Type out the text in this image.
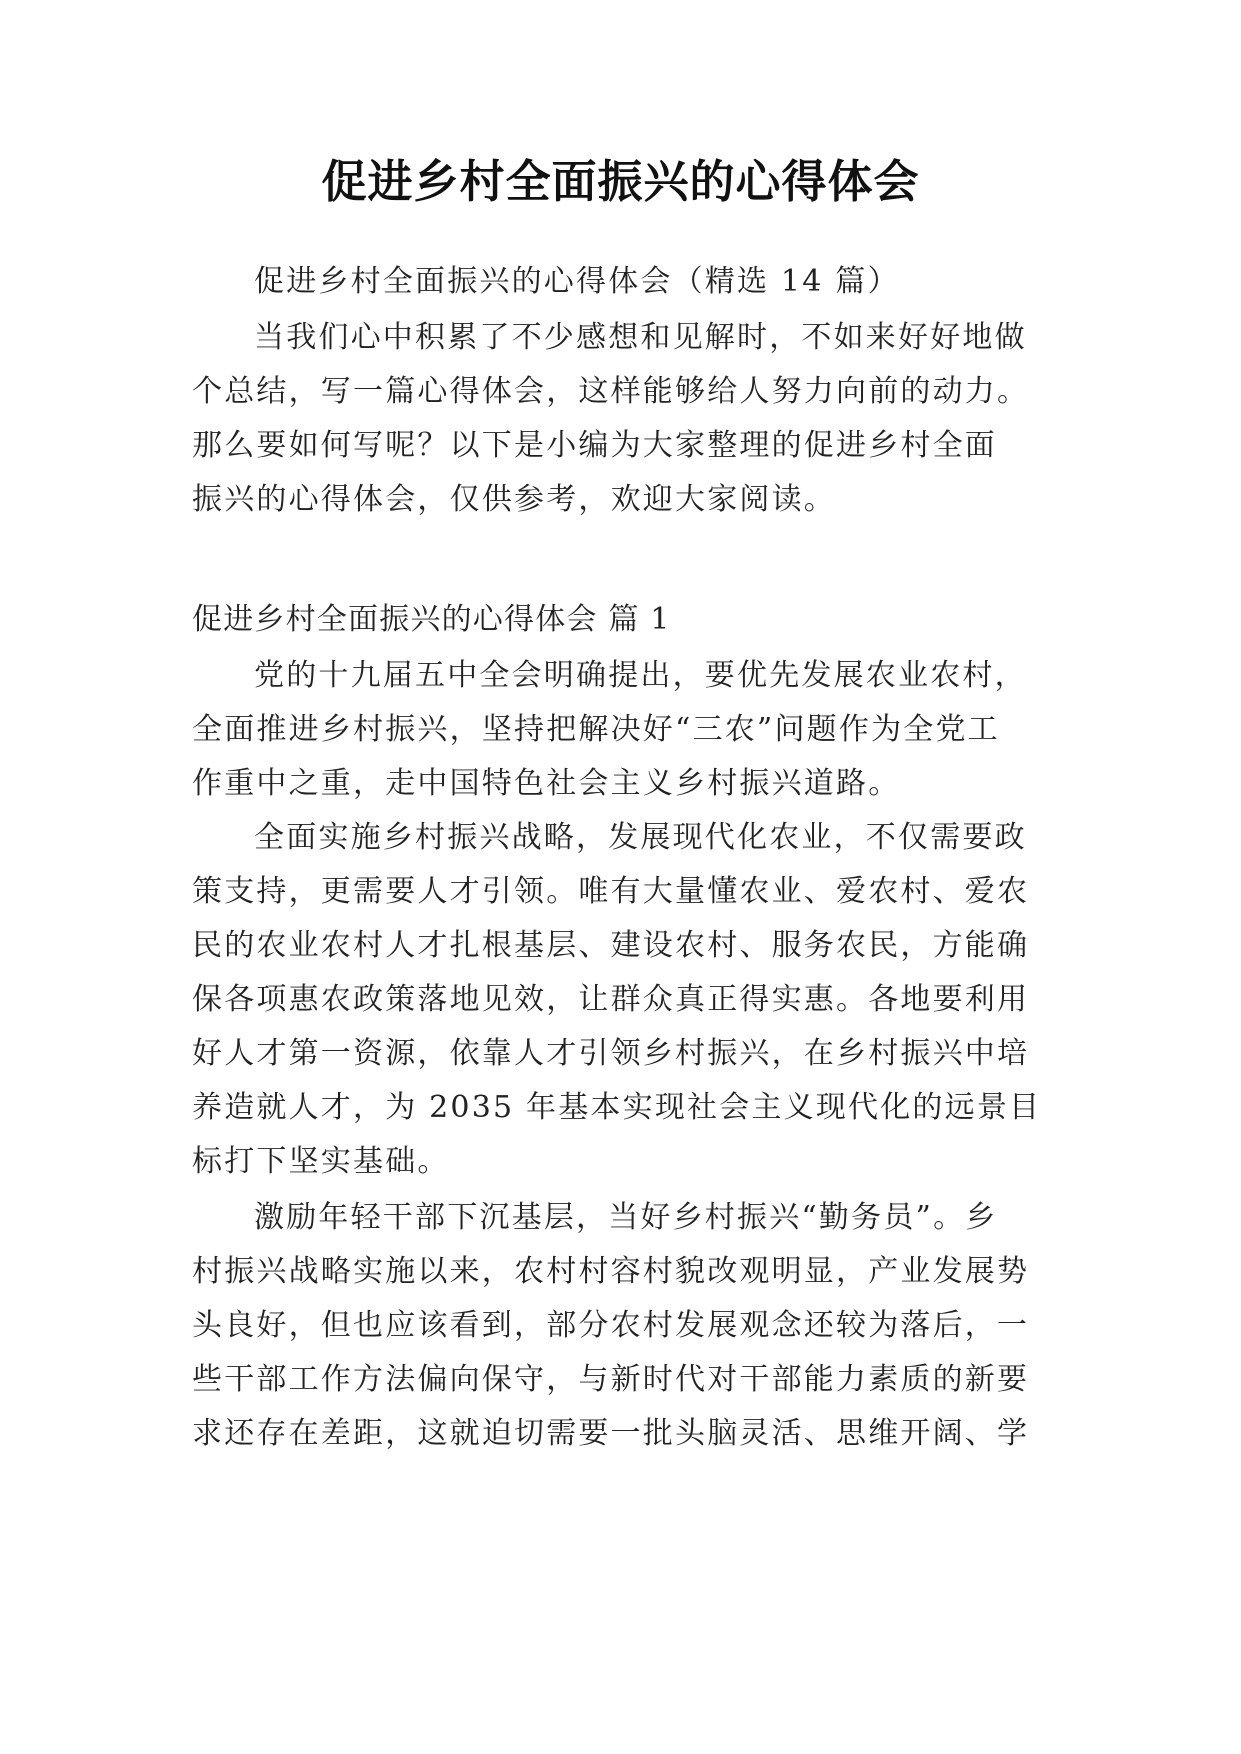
促进乡村全面振兴的心得体会
促进乡村全面振兴的心得体会（精选 14 篇）
当我们心中积累了不少感想和见解时，不如来好好地做
个总结，写一篇心得体会，这样能够给人努力向前的动力。
那么要如何写呢？以下是小编为大家整理的促进乡村全面
振兴的心得体会，仅供参考，欢迎大家阅读。
促进乡村全面振兴的心得体会 篇 1
党的十九届五中全会明确提出，要优先发展农业农村，
全面推进乡村振兴，坚持把解决好“三农”问题作为全党工
作重中之重，走中国特色社会主义乡村振兴道路。
全面实施乡村振兴战略，发展现代化农业，不仅需要政
策支持，更需要人才引领。唯有大量懂农业、爱农村、爱农
民的农业农村人才扎根基层、建设农村、服务农民，方能确
保各项惠农政策落地见效，让群众真正得实惠。各地要利用
好人才第一资源，依靠人才引领乡村振兴，在乡村振兴中培
养造就人才，为 2035 年基本实现社会主义现代化的远景目
标打下坚实基础。
激励年轻干部下沉基层，当好乡村振兴“勤务员”。乡
村振兴战略实施以来，农村村容村貌改观明显，产业发展势
头良好，但也应该看到，部分农村发展观念还较为落后，一
些干部工作方法偏向保守，与新时代对干部能力素质的新要
求还存在差距，这就迫切需要一批头脑灵活、思维开阔、学
